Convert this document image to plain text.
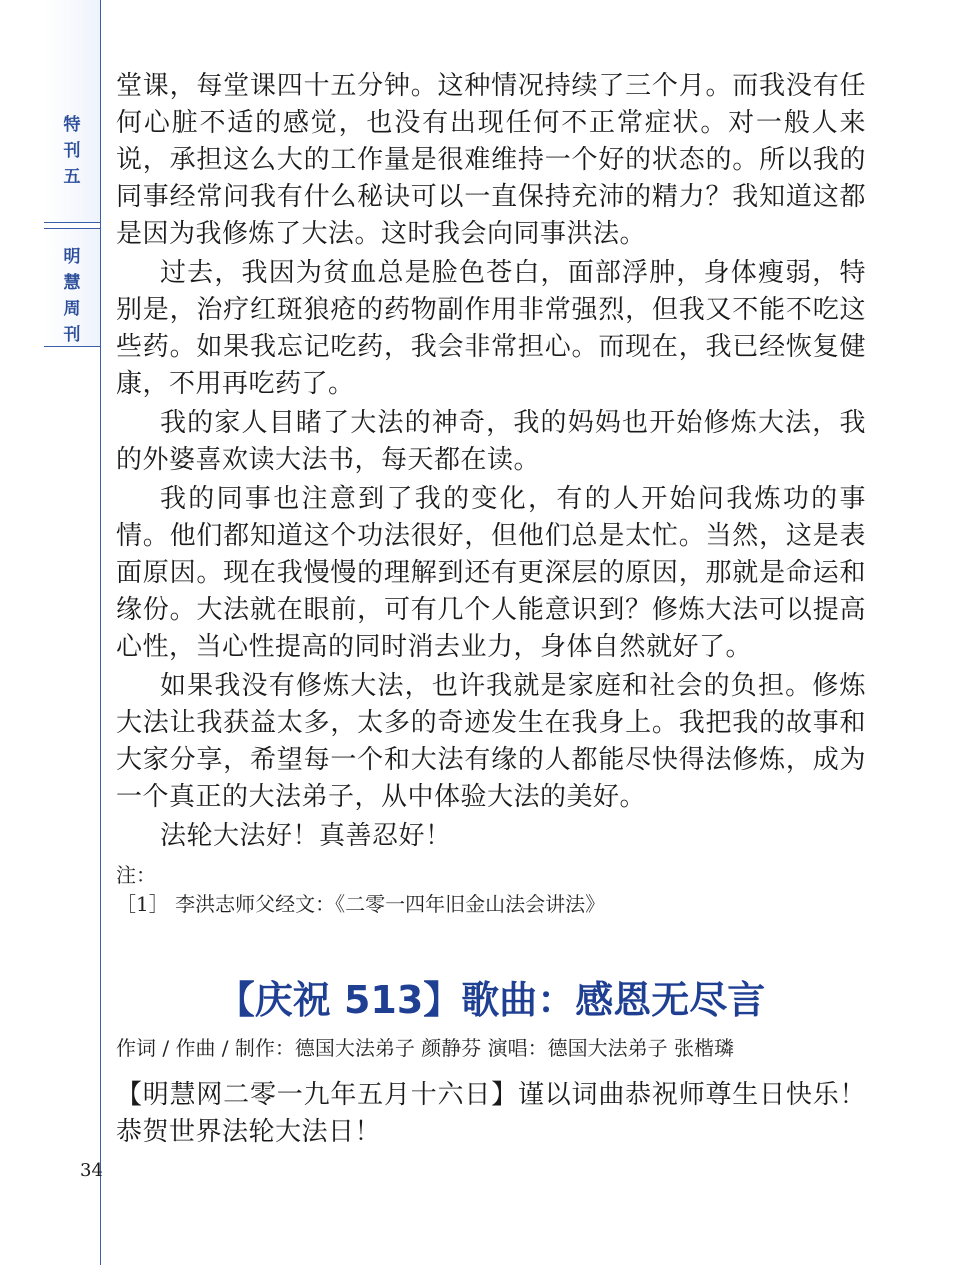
特
刊
五
明
慧
周
刊

堂课，每堂课四十五分钟。这种情况持续了三个月。而我没有任何心脏不适的感觉，也没有出现任何不正常症状。对一般人来说，承担这么大的工作量是很难维持一个好的状态的。所以我的同事经常问我有什么秘诀可以一直保持充沛的精力？我知道这都是因为我修炼了大法。这时我会向同事洪法。

过去，我因为贫血总是脸色苍白，面部浮肿，身体瘦弱，特别是，治疗红斑狼疮的药物副作用非常强烈，但我又不能不吃这些药。如果我忘记吃药，我会非常担心。而现在，我已经恢复健康，不用再吃药了。

我的家人目睹了大法的神奇，我的妈妈也开始修炼大法，我的外婆喜欢读大法书，每天都在读。

我的同事也注意到了我的变化，有的人开始问我炼功的事情。他们都知道这个功法很好，但他们总是太忙。当然，这是表面原因。现在我慢慢的理解到还有更深层的原因，那就是命运和缘份。大法就在眼前，可有几个人能意识到？修炼大法可以提高心性，当心性提高的同时消去业力，身体自然就好了。

如果我没有修炼大法，也许我就是家庭和社会的负担。修炼大法让我获益太多，太多的奇迹发生在我身上。我把我的故事和大家分享，希望每一个和大法有缘的人都能尽快得法修炼，成为一个真正的大法弟子，从中体验大法的美好。

法轮大法好！真善忍好！

注：
［1］ 李洪志师父经文：《二零一四年旧金山法会讲法》
【庆祝 513】歌曲：感恩无尽言
作词 / 作曲 / 制作：德国大法弟子 颜静芬 演唱：德国大法弟子 张楷璘
【明慧网二零一九年五月十六日】谨以词曲恭祝师尊生日快乐！恭贺世界法轮大法日！
34
